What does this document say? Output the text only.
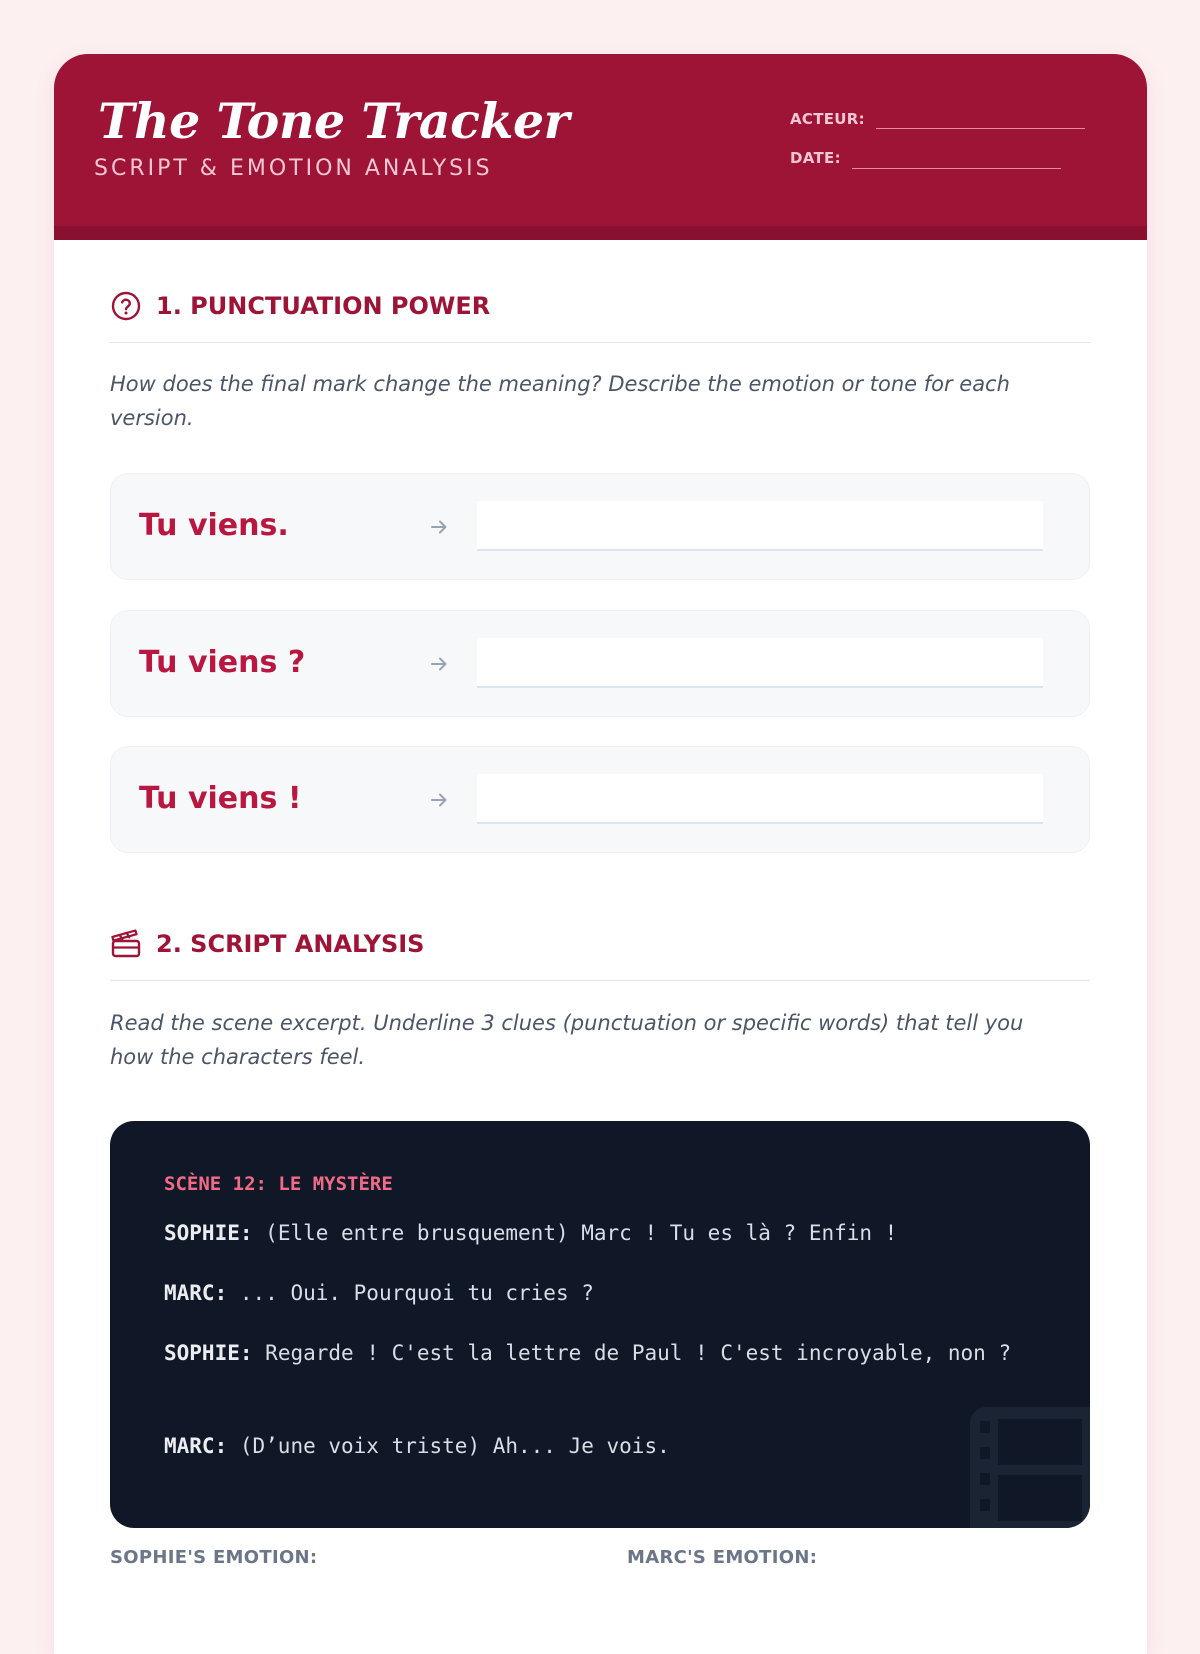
The Tone Tracker
SCRIPT & EMOTION ANALYSIS
ACTEUR:
DATE:
1. PUNCTUATION POWER
How does the final mark change the meaning? Describe the emotion or tone for each version.
Tu viens.
Tu viens ?
Tu viens !
2. SCRIPT ANALYSIS
Read the scene excerpt. Underline 3 clues (punctuation or specific words) that tell you how the characters feel.
SCÈNE 12: LE MYSTÈRE
SOPHIE: (Elle entre brusquement) Marc ! Tu es là ? Enfin !
MARC: ... Oui. Pourquoi tu cries ?
SOPHIE: Regarde ! C'est la lettre de Paul ! C'est incroyable, non ?
MARC: (D’une voix triste) Ah... Je vois.
SOPHIE'S EMOTION:	MARC'S EMOTION:
